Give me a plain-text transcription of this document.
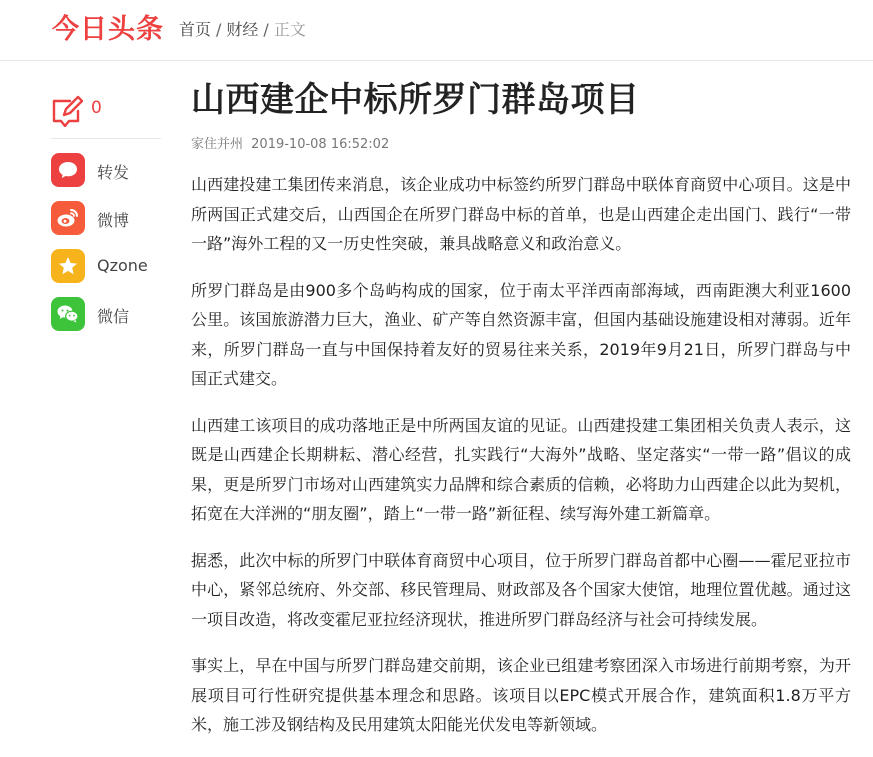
今日头条 首页 / 财经 / 正文
0
转发
微博
Qzone
微信
山西建企中标所罗门群岛项目
家住并州 2019-10-08 16:52:02

山西建投建工集团传来消息，该企业成功中标签约所罗门群岛中联体育商贸中心项目。这是中所两国正式建交后，山西国企在所罗门群岛中标的首单，也是山西建企走出国门、践行“一带一路”海外工程的又一历史性突破，兼具战略意义和政治意义。

所罗门群岛是由900多个岛屿构成的国家，位于南太平洋西南部海域，西南距澳大利亚1600公里。该国旅游潜力巨大，渔业、矿产等自然资源丰富，但国内基础设施建设相对薄弱。近年来，所罗门群岛一直与中国保持着友好的贸易往来关系，2019年9月21日，所罗门群岛与中国正式建交。

山西建工该项目的成功落地正是中所两国友谊的见证。山西建投建工集团相关负责人表示，这既是山西建企长期耕耘、潜心经营，扎实践行“大海外”战略、坚定落实“一带一路”倡议的成果，更是所罗门市场对山西建筑实力品牌和综合素质的信赖，必将助力山西建企以此为契机，拓宽在大洋洲的“朋友圈”，踏上“一带一路”新征程、续写海外建工新篇章。

据悉，此次中标的所罗门中联体育商贸中心项目，位于所罗门群岛首都中心圈——霍尼亚拉市中心，紧邻总统府、外交部、移民管理局、财政部及各个国家大使馆，地理位置优越。通过这一项目改造，将改变霍尼亚拉经济现状，推进所罗门群岛经济与社会可持续发展。

事实上，早在中国与所罗门群岛建交前期，该企业已组建考察团深入市场进行前期考察，为开展项目可行性研究提供基本理念和思路。该项目以EPC模式开展合作，建筑面积1.8万平方米，施工涉及钢结构及民用建筑太阳能光伏发电等新领域。
